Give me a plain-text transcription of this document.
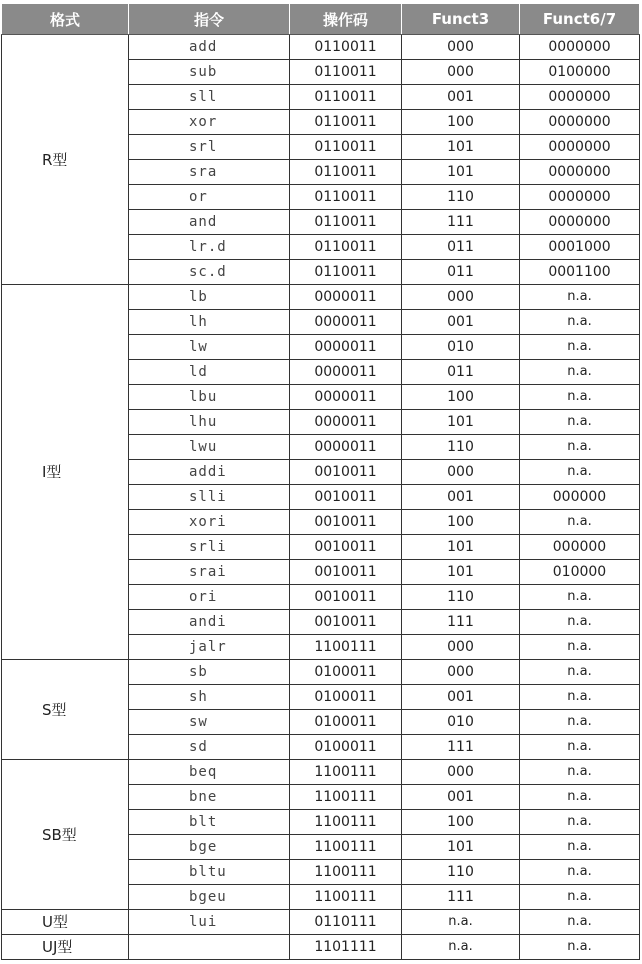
格式	指令	操作码	Funct3	Funct6/7
R型	add	0110011	000	0000000
	sub	0110011	000	0100000
	sll	0110011	001	0000000
	xor	0110011	100	0000000
	srl	0110011	101	0000000
	sra	0110011	101	0000000
	or	0110011	110	0000000
	and	0110011	111	0000000
	lr.d	0110011	011	0001000
	sc.d	0110011	011	0001100
I型	lb	0000011	000	n.a.
	lh	0000011	001	n.a.
	lw	0000011	010	n.a.
	ld	0000011	011	n.a.
	lbu	0000011	100	n.a.
	lhu	0000011	101	n.a.
	lwu	0000011	110	n.a.
	addi	0010011	000	n.a.
	slli	0010011	001	000000
	xori	0010011	100	n.a.
	srli	0010011	101	000000
	srai	0010011	101	010000
	ori	0010011	110	n.a.
	andi	0010011	111	n.a.
	jalr	1100111	000	n.a.
S型	sb	0100011	000	n.a.
	sh	0100011	001	n.a.
	sw	0100011	010	n.a.
	sd	0100011	111	n.a.
SB型	beq	1100111	000	n.a.
	bne	1100111	001	n.a.
	blt	1100111	100	n.a.
	bge	1100111	101	n.a.
	bltu	1100111	110	n.a.
	bgeu	1100111	111	n.a.
U型	lui	0110111	n.a.	n.a.
UJ型		1101111	n.a.	n.a.
